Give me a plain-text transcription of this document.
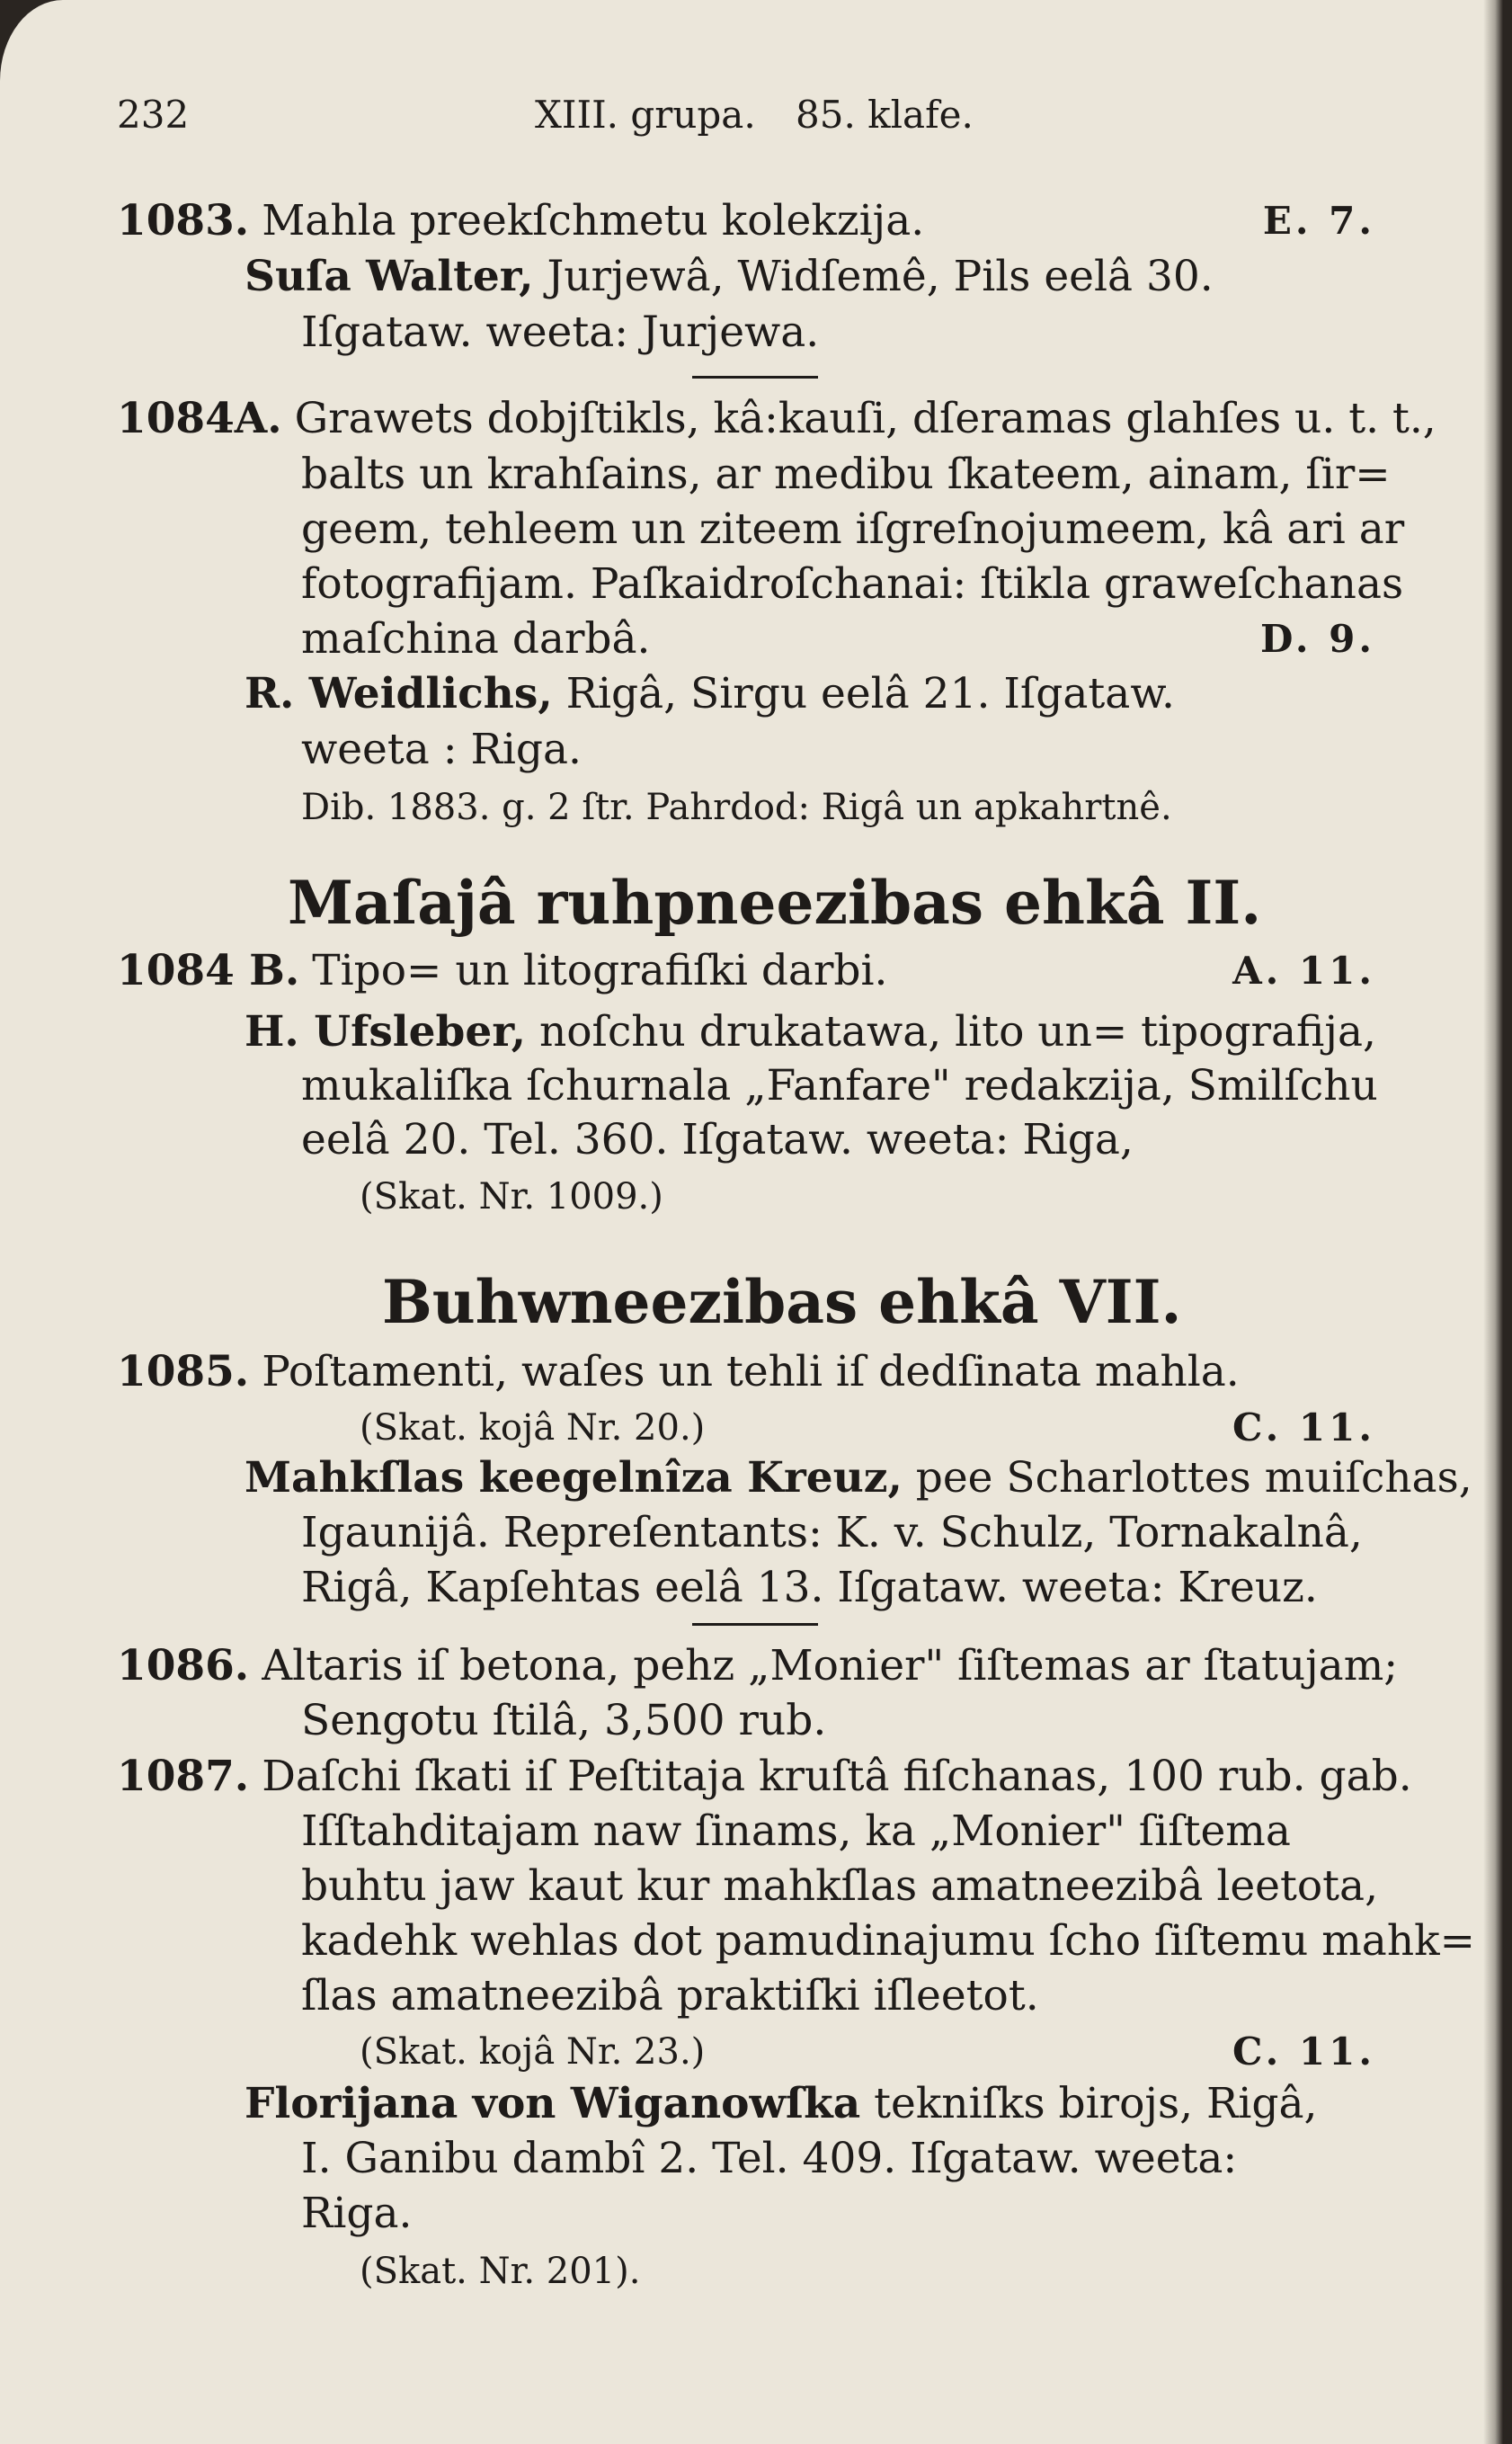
232	XIII. grupa. 85. klafe.
1083. Mahla preekſchmetu kolekzija.	E. 7.
Suſa Walter, Jurjewâ, Widſemê, Pils eelâ 30.
Iſgataw. weeta: Jurjewa.
1084A. Grawets dobjſtikls, kâ:kauſi, dſeramas glahſes u. t. t.,
balts un krahſains, ar medibu ſkateem, ainam, ſir=
geem, tehleem un ziteem iſgreſnojumeem, kâ ari ar
fotografijam. Paſkaidroſchanai: ſtikla graweſchanas
maſchina darbâ.	D. 9.
R. Weidlichs, Rigâ, Sirgu eelâ 21. Iſgataw.
weeta : Riga.
Dib. 1883. g. 2 ſtr. Pahrdod: Rigâ un apkahrtnê.
Maſajâ ruhpneezibas ehkâ II.
1084 B. Tipo= un litografiſki darbi.	A. 11.
H. Ufsleber, noſchu drukatawa, lito un= tipografija,
mukaliſka ſchurnala „Fanfare" redakzija, Smilſchu
eelâ 20. Tel. 360. Iſgataw. weeta: Riga,
(Skat. Nr. 1009.)
Buhwneezibas ehkâ VII.
1085. Poſtamenti, waſes un tehli iſ dedſinata mahla.
(Skat. kojâ Nr. 20.)	C. 11.
Mahkſlas keegelnîza Kreuz, pee Scharlottes muiſchas,
Igaunijâ. Repreſentants: K. v. Schulz, Tornakalnâ,
Rigâ, Kapſehtas eelâ 13. Iſgataw. weeta: Kreuz.
1086. Altaris iſ betona, pehz „Monier" ſiſtemas ar ſtatujam;
Sengotu ſtilâ, 3,500 rub.
1087. Daſchi ſkati iſ Peſtitaja kruſtâ fiſchanas, 100 rub. gab.
Iſſtahditajam naw ſinams, ka „Monier" ſiſtema
buhtu jaw kaut kur mahkſlas amatneezibâ leetota,
kadehk wehlas dot pamudinajumu ſcho ſiſtemu mahk=
ſlas amatneezibâ praktiſki iſleetot.
(Skat. kojâ Nr. 23.)	C. 11.
Florijana von Wiganowſka tekniſks birojs, Rigâ,
I. Ganibu dambî 2. Tel. 409. Iſgataw. weeta:
Riga.
(Skat. Nr. 201).
